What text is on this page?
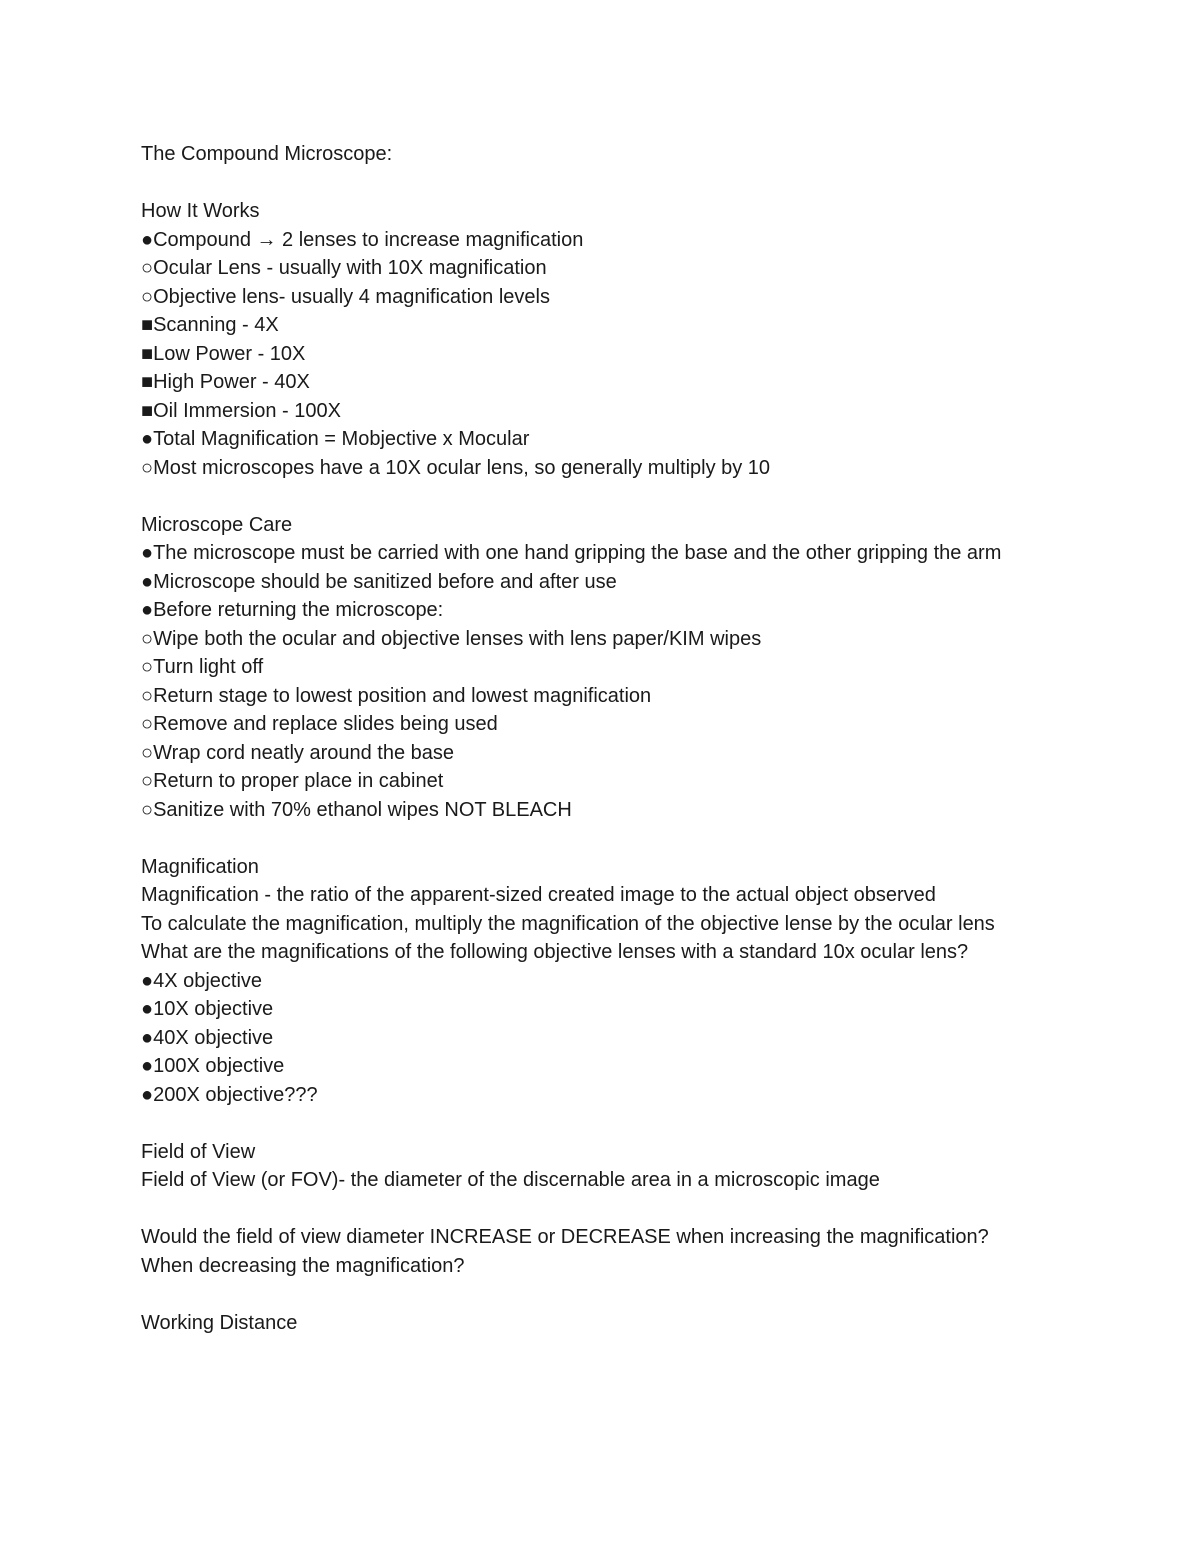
The Compound Microscope:

How It Works

●Compound → 2 lenses to increase magnification

○Ocular Lens - usually with 10X magnification

○Objective lens- usually 4 magnification levels

■Scanning - 4X

■Low Power - 10X

■High Power - 40X

■Oil Immersion - 100X

●Total Magnification = Mobjective x Mocular

○Most microscopes have a 10X ocular lens, so generally multiply by 10

Microscope Care

●The microscope must be carried with one hand gripping the base and the other gripping the arm

●Microscope should be sanitized before and after use

●Before returning the microscope:

○Wipe both the ocular and objective lenses with lens paper/KIM wipes

○Turn light off

○Return stage to lowest position and lowest magnification

○Remove and replace slides being used

○Wrap cord neatly around the base

○Return to proper place in cabinet

○Sanitize with 70% ethanol wipes NOT BLEACH

Magnification

Magnification - the ratio of the apparent-sized created image to the actual object observed

To calculate the magnification, multiply the magnification of the objective lense by the ocular lens

What are the magnifications of the following objective lenses with a standard 10x ocular lens?

●4X objective

●10X objective

●40X objective

●100X objective

●200X objective???

Field of View

Field of View (or FOV)- the diameter of the discernable area in a microscopic image

Would the field of view diameter INCREASE or DECREASE when increasing the magnification?

When decreasing the magnification?

Working Distance
